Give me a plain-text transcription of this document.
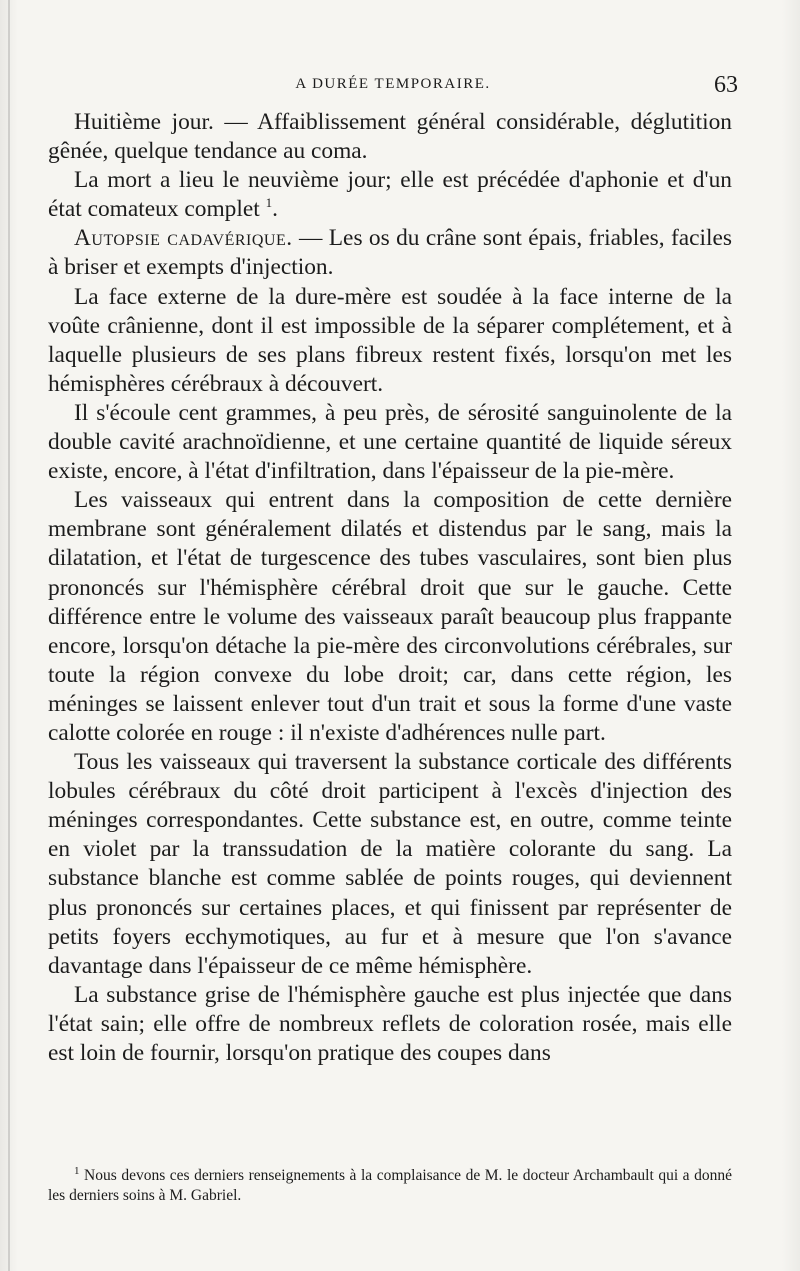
A DURÉE TEMPORAIRE.	63

Huitième jour. — Affaiblissement général considérable, déglutition gênée, quelque tendance au coma.

La mort a lieu le neuvième jour; elle est précédée d'aphonie et d'un état comateux complet $^1$.

Autopsie cadavérique. — Les os du crâne sont épais, friables, faciles à briser et exempts d'injection.

La face externe de la dure-mère est soudée à la face interne de la voûte crânienne, dont il est impossible de la séparer complétement, et à laquelle plusieurs de ses plans fibreux restent fixés, lorsqu'on met les hémisphères cérébraux à découvert.

Il s'écoule cent grammes, à peu près, de sérosité sanguinolente de la double cavité arachnoïdienne, et une certaine quantité de liquide séreux existe, encore, à l'état d'infiltration, dans l'épaisseur de la pie-mère.

Les vaisseaux qui entrent dans la composition de cette dernière membrane sont généralement dilatés et distendus par le sang, mais la dilatation, et l'état de turgescence des tubes vasculaires, sont bien plus prononcés sur l'hémisphère cérébral droit que sur le gauche. Cette différence entre le volume des vaisseaux paraît beaucoup plus frappante encore, lorsqu'on détache la pie-mère des circonvolutions cérébrales, sur toute la région convexe du lobe droit; car, dans cette région, les méninges se laissent enlever tout d'un trait et sous la forme d'une vaste calotte colorée en rouge : il n'existe d'adhérences nulle part.

Tous les vaisseaux qui traversent la substance corticale des différents lobules cérébraux du côté droit participent à l'excès d'injection des méninges correspondantes. Cette substance est, en outre, comme teinte en violet par la transsudation de la matière colorante du sang. La substance blanche est comme sablée de points rouges, qui deviennent plus prononcés sur certaines places, et qui finissent par représenter de petits foyers ecchymotiques, au fur et à mesure que l'on s'avance davantage dans l'épaisseur de ce même hémisphère.

La substance grise de l'hémisphère gauche est plus injectée que dans l'état sain; elle offre de nombreux reflets de coloration rosée, mais elle est loin de fournir, lorsqu'on pratique des coupes dans

$^1$ Nous devons ces derniers renseignements à la complaisance de M. le docteur Archambault qui a donné les derniers soins à M. Gabriel.
